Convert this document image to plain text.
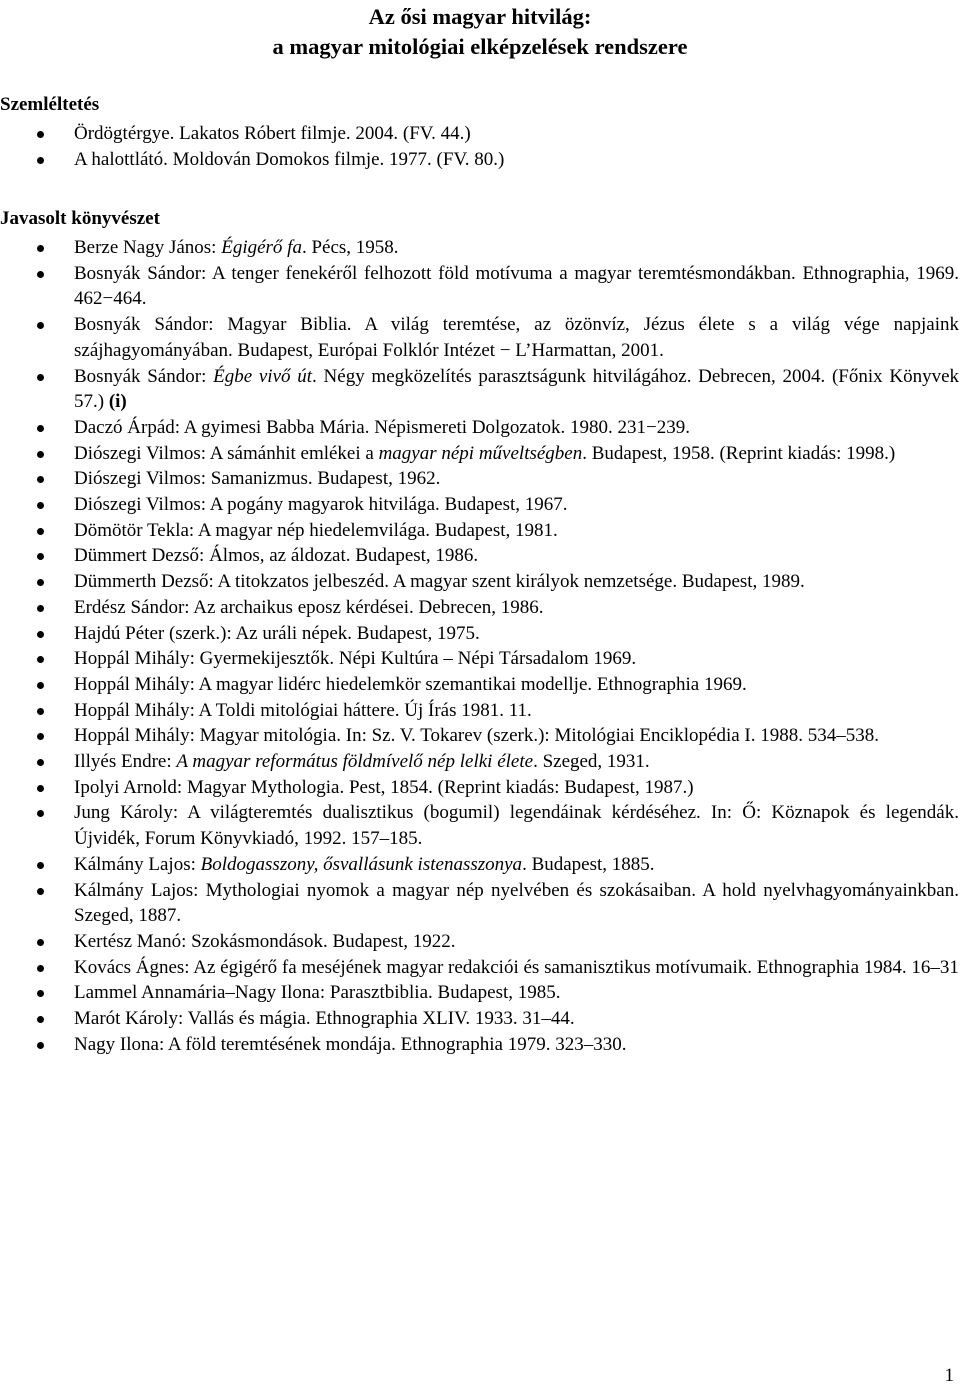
Az ősi magyar hitvilág:
a magyar mitológiai elképzelések rendszere
Szemléltetés
Ördögtérgye. Lakatos Róbert filmje. 2004. (FV. 44.)
A halottlátó. Moldován Domokos filmje. 1977. (FV. 80.)
Javasolt könyvészet
Berze Nagy János: Égigérő fa. Pécs, 1958.
Bosnyák Sándor: A tenger fenekéről felhozott föld motívuma a magyar teremtésmondákban. Ethnographia, 1969. 462−464.
Bosnyák Sándor: Magyar Biblia. A világ teremtése, az özönvíz, Jézus élete s a világ vége napjaink szájhagyományában. Budapest, Európai Folklór Intézet − L’Harmattan, 2001.
Bosnyák Sándor: Égbe vivő út. Négy megközelítés parasztságunk hitvilágához. Debrecen, 2004. (Főnix Könyvek 57.) (i)
Daczó Árpád: A gyimesi Babba Mária. Népismereti Dolgozatok. 1980. 231−239.
Diószegi Vilmos: A sámánhit emlékei a magyar népi műveltségben. Budapest, 1958. (Reprint kiadás: 1998.)
Diószegi Vilmos: Samanizmus. Budapest, 1962.
Diószegi Vilmos: A pogány magyarok hitvilága. Budapest, 1967.
Dömötör Tekla: A magyar nép hiedelemvilága. Budapest, 1981.
Dümmert Dezső: Álmos, az áldozat. Budapest, 1986.
Dümmerth Dezső: A titokzatos jelbeszéd. A magyar szent királyok nemzetsége. Budapest, 1989.
Erdész Sándor: Az archaikus eposz kérdései. Debrecen, 1986.
Hajdú Péter (szerk.): Az uráli népek. Budapest, 1975.
Hoppál Mihály: Gyermekijesztők. Népi Kultúra – Népi Társadalom 1969.
Hoppál Mihály: A magyar lidérc hiedelemkör szemantikai modellje. Ethnographia 1969.
Hoppál Mihály: A Toldi mitológiai háttere. Új Írás 1981. 11.
Hoppál Mihály: Magyar mitológia. In: Sz. V. Tokarev (szerk.): Mitológiai Enciklopédia I. 1988. 534–538.
Illyés Endre: A magyar református földmívelő nép lelki élete. Szeged, 1931.
Ipolyi Arnold: Magyar Mythologia. Pest, 1854. (Reprint kiadás: Budapest, 1987.)
Jung Károly: A világteremtés dualisztikus (bogumil) legendáinak kérdéséhez. In: Ő: Köznapok és legendák. Újvidék, Forum Könyvkiadó, 1992. 157–185.
Kálmány Lajos: Boldogasszony, ősvallásunk istenasszonya. Budapest, 1885.
Kálmány Lajos: Mythologiai nyomok a magyar nép nyelvében és szokásaiban. A hold nyelvhagyományainkban. Szeged, 1887.
Kertész Manó: Szokásmondások. Budapest, 1922.
Kovács Ágnes: Az égigérő fa meséjének magyar redakciói és samanisztikus motívumaik. Ethnographia 1984. 16–31
Lammel Annamária–Nagy Ilona: Parasztbiblia. Budapest, 1985.
Marót Károly: Vallás és mágia. Ethnographia XLIV. 1933. 31–44.
Nagy Ilona: A föld teremtésének mondája. Ethnographia 1979. 323–330.
1
